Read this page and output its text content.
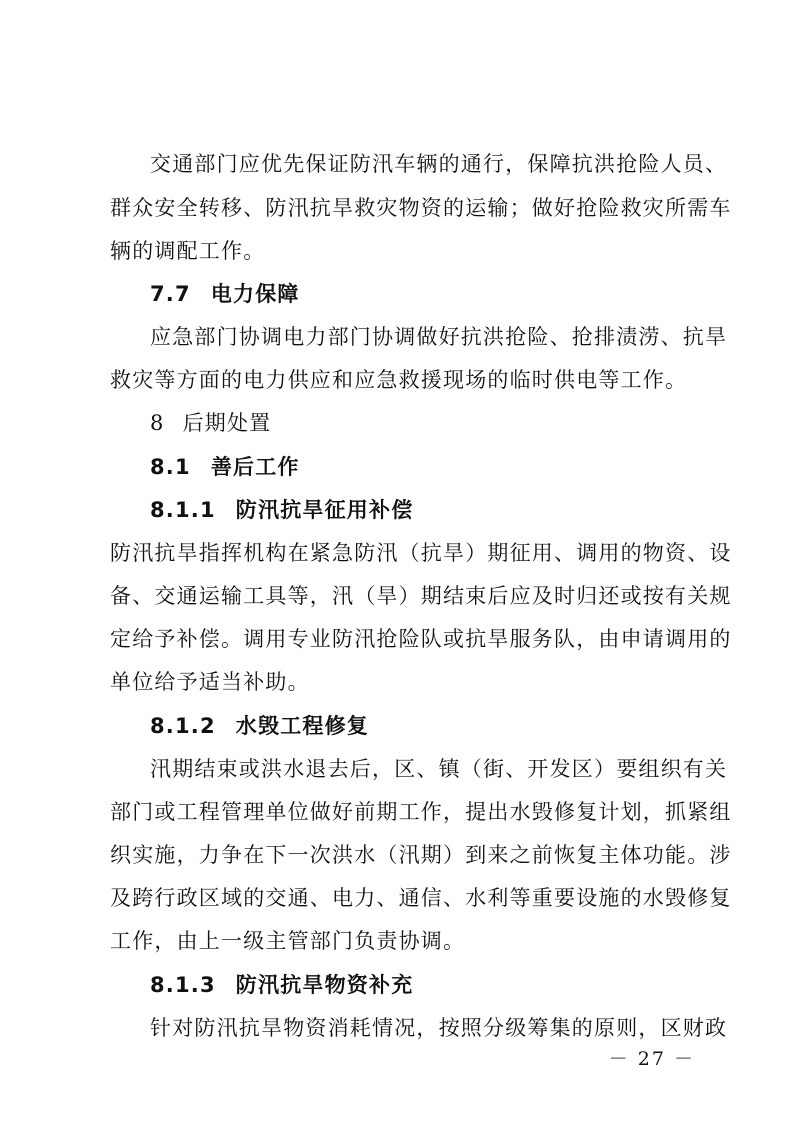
交通部门应优先保证防汛车辆的通行，保障抗洪抢险人员、
群众安全转移、防汛抗旱救灾物资的运输；做好抢险救灾所需车
辆的调配工作。
7.7 电力保障
应急部门协调电力部门协调做好抗洪抢险、抢排渍涝、抗旱
救灾等方面的电力供应和应急救援现场的临时供电等工作。
8 后期处置
8.1 善后工作
8.1.1 防汛抗旱征用补偿
防汛抗旱指挥机构在紧急防汛（抗旱）期征用、调用的物资、设
备、交通运输工具等，汛（旱）期结束后应及时归还或按有关规
定给予补偿。调用专业防汛抢险队或抗旱服务队，由申请调用的
单位给予适当补助。
8.1.2 水毁工程修复
汛期结束或洪水退去后，区、镇（街、开发区）要组织有关
部门或工程管理单位做好前期工作，提出水毁修复计划，抓紧组
织实施，力争在下一次洪水（汛期）到来之前恢复主体功能。涉
及跨行政区域的交通、电力、通信、水利等重要设施的水毁修复
工作，由上一级主管部门负责协调。
8.1.3 防汛抗旱物资补充
针对防汛抗旱物资消耗情况，按照分级筹集的原则，区财政
－ 27 －
